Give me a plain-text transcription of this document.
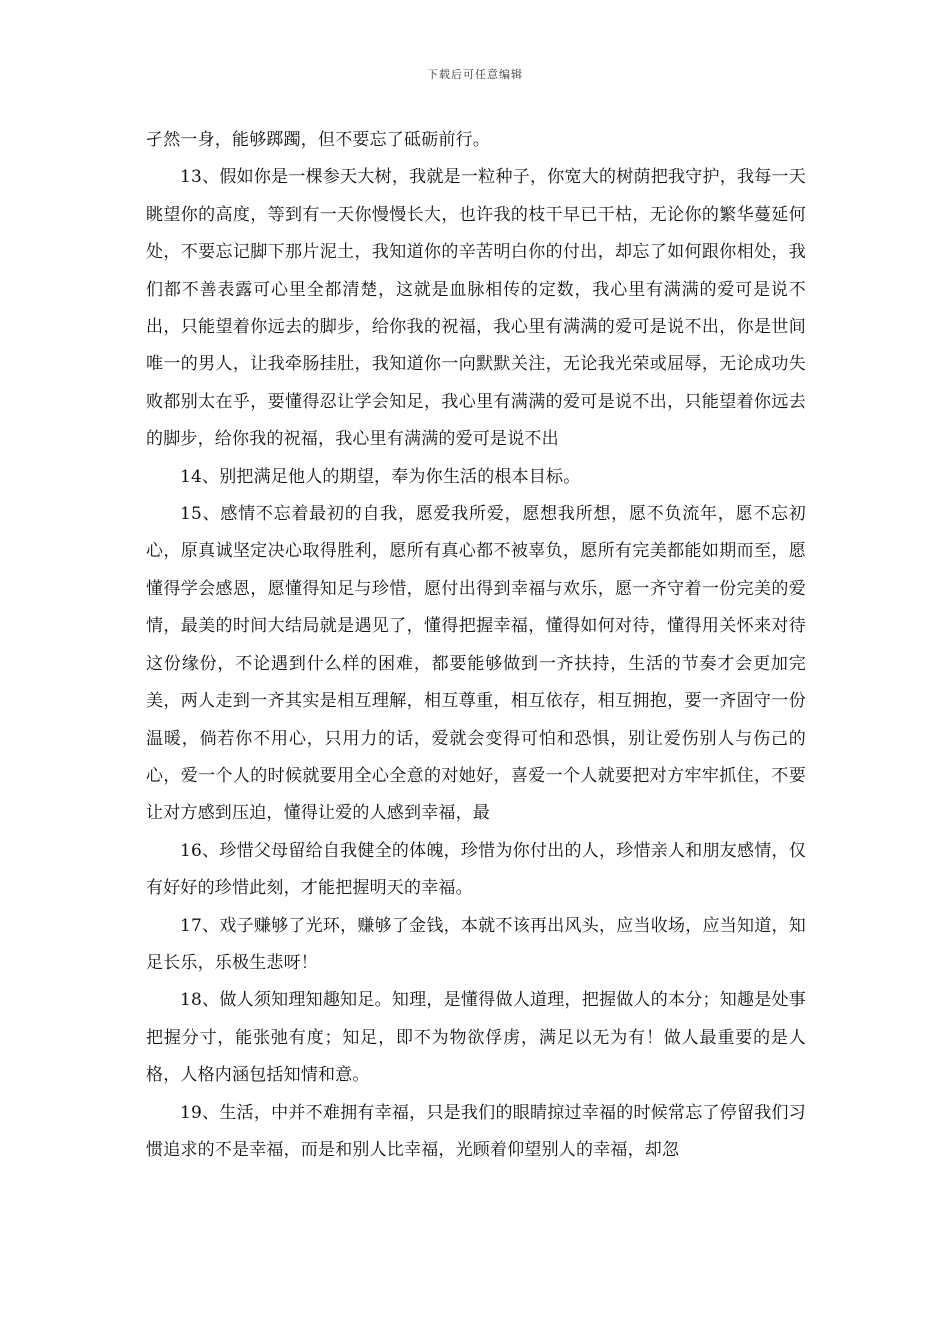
下载后可任意编辑

孑然一身，能够踯躅，但不要忘了砥砺前行。

13、假如你是一棵参天大树，我就是一粒种子，你宽大的树荫把我守护，我每一天眺望你的高度，等到有一天你慢慢长大，也许我的枝干早已干枯，无论你的繁华蔓延何处，不要忘记脚下那片泥土，我知道你的辛苦明白你的付出，却忘了如何跟你相处，我们都不善表露可心里全都清楚，这就是血脉相传的定数，我心里有满满的爱可是说不出，只能望着你远去的脚步，给你我的祝福，我心里有满满的爱可是说不出，你是世间唯一的男人，让我牵肠挂肚，我知道你一向默默关注，无论我光荣或屈辱，无论成功失败都别太在乎，要懂得忍让学会知足，我心里有满满的爱可是说不出，只能望着你远去的脚步，给你我的祝福，我心里有满满的爱可是说不出

14、别把满足他人的期望，奉为你生活的根本目标。

15、感情不忘着最初的自我，愿爱我所爱，愿想我所想，愿不负流年，愿不忘初心，原真诚坚定决心取得胜利，愿所有真心都不被辜负，愿所有完美都能如期而至，愿懂得学会感恩，愿懂得知足与珍惜，愿付出得到幸福与欢乐，愿一齐守着一份完美的爱情，最美的时间大结局就是遇见了，懂得把握幸福，懂得如何对待，懂得用关怀来对待这份缘份，不论遇到什么样的困难，都要能够做到一齐扶持，生活的节奏才会更加完美，两人走到一齐其实是相互理解，相互尊重，相互依存，相互拥抱，要一齐固守一份温暖，倘若你不用心，只用力的话，爱就会变得可怕和恐惧，别让爱伤别人与伤己的心，爱一个人的时候就要用全心全意的对她好，喜爱一个人就要把对方牢牢抓住，不要让对方感到压迫，懂得让爱的人感到幸福，最

16、珍惜父母留给自我健全的体魄，珍惜为你付出的人，珍惜亲人和朋友感情，仅有好好的珍惜此刻，才能把握明天的幸福。

17、戏子赚够了光环，赚够了金钱，本就不该再出风头，应当收场，应当知道，知足长乐，乐极生悲呀！

18、做人须知理知趣知足。知理，是懂得做人道理，把握做人的本分；知趣是处事把握分寸，能张弛有度；知足，即不为物欲俘虏，满足以无为有！做人最重要的是人格，人格内涵包括知情和意。

19、生活，中并不难拥有幸福，只是我们的眼睛掠过幸福的时候常忘了停留我们习惯追求的不是幸福，而是和别人比幸福，光顾着仰望别人的幸福，却忽
